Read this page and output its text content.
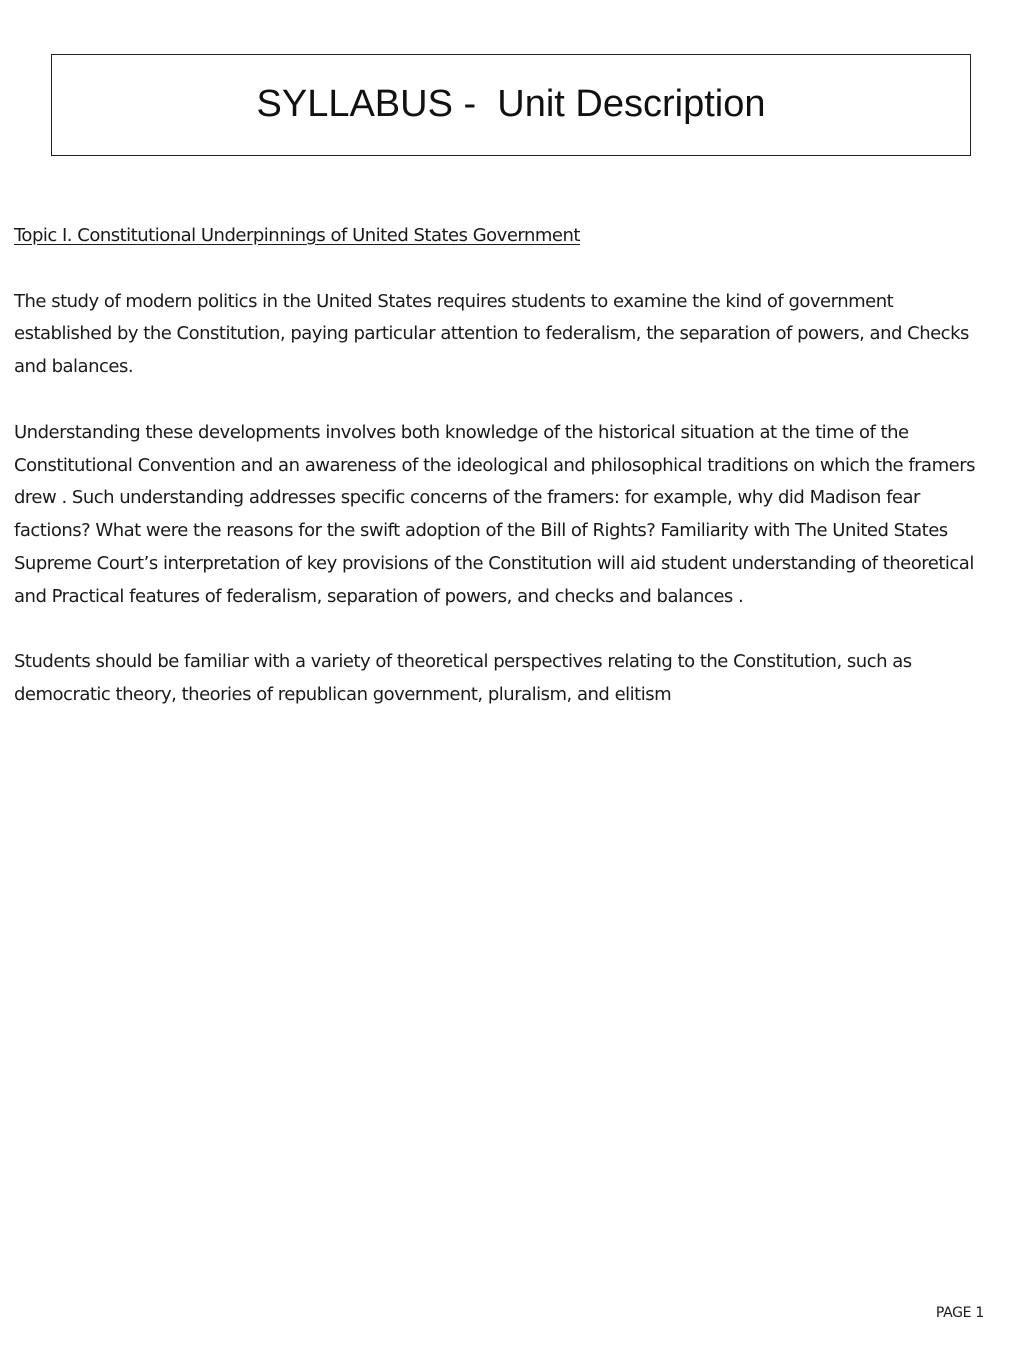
SYLLABUS -  Unit Description
Topic I. Constitutional Underpinnings of United States Government

The study of modern politics in the United States requires students to examine the kind of government established by the Constitution, paying particular attention to federalism, the separation of powers, and Checks and balances.

Understanding these developments involves both knowledge of the historical situation at the time of the Constitutional Convention and an awareness of the ideological and philosophical traditions on which the framers drew . Such understanding addresses specific concerns of the framers: for example, why did Madison fear factions? What were the reasons for the swift adoption of the Bill of Rights? Familiarity with The United States Supreme Court’s interpretation of key provisions of the Constitution will aid student understanding of theoretical and Practical features of federalism, separation of powers, and checks and balances .

Students should be familiar with a variety of theoretical perspectives relating to the Constitution, such as democratic theory, theories of republican government, pluralism, and elitism

PAGE 1
